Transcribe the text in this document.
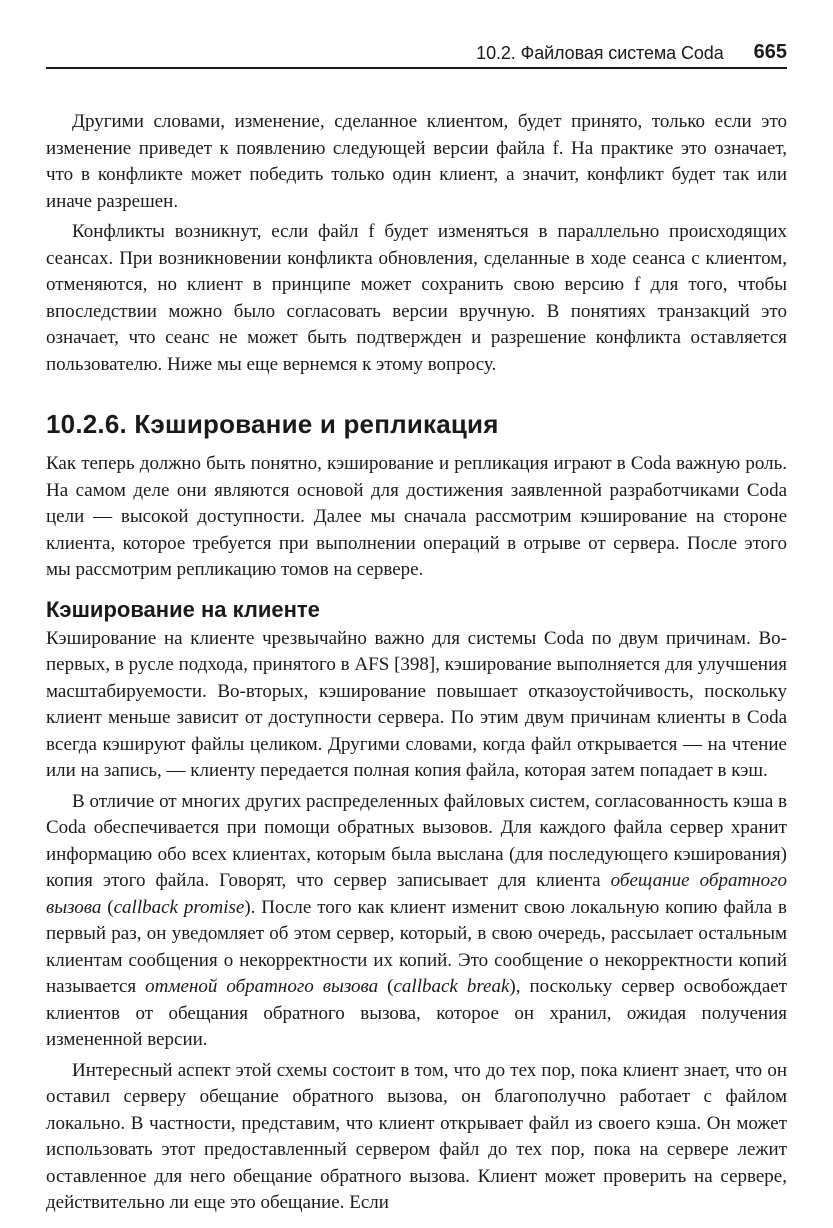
10.2. Файловая система Coda 665

Другими словами, изменение, сделанное клиентом, будет принято, только если это изменение приведет к появлению следующей версии файла f. На практике это означает, что в конфликте может победить только один клиент, а значит, конфликт будет так или иначе разрешен.

Конфликты возникнут, если файл f будет изменяться в параллельно происходящих сеансах. При возникновении конфликта обновления, сделанные в ходе сеанса с клиентом, отменяются, но клиент в принципе может сохранить свою версию f для того, чтобы впоследствии можно было согласовать версии вручную. В понятиях транзакций это означает, что сеанс не может быть подтвержден и разрешение конфликта оставляется пользователю. Ниже мы еще вернемся к этому вопросу.

10.2.6. Кэширование и репликация

Как теперь должно быть понятно, кэширование и репликация играют в Coda важную роль. На самом деле они являются основой для достижения заявленной разработчиками Coda цели — высокой доступности. Далее мы сначала рассмотрим кэширование на стороне клиента, которое требуется при выполнении операций в отрыве от сервера. После этого мы рассмотрим репликацию томов на сервере.

Кэширование на клиенте

Кэширование на клиенте чрезвычайно важно для системы Coda по двум причинам. Во-первых, в русле подхода, принятого в AFS [398], кэширование выполняется для улучшения масштабируемости. Во-вторых, кэширование повышает отказоустойчивость, поскольку клиент меньше зависит от доступности сервера. По этим двум причинам клиенты в Coda всегда кэшируют файлы целиком. Другими словами, когда файл открывается — на чтение или на запись, — клиенту передается полная копия файла, которая затем попадает в кэш.

В отличие от многих других распределенных файловых систем, согласованность кэша в Coda обеспечивается при помощи обратных вызовов. Для каждого файла сервер хранит информацию обо всех клиентах, которым была выслана (для последующего кэширования) копия этого файла. Говорят, что сервер записывает для клиента обещание обратного вызова (callback promise). После того как клиент изменит свою локальную копию файла в первый раз, он уведомляет об этом сервер, который, в свою очередь, рассылает остальным клиентам сообщения о некорректности их копий. Это сообщение о некорректности копий называется отменой обратного вызова (callback break), поскольку сервер освобождает клиентов от обещания обратного вызова, которое он хранил, ожидая получения измененной версии.

Интересный аспект этой схемы состоит в том, что до тех пор, пока клиент знает, что он оставил серверу обещание обратного вызова, он благополучно работает с файлом локально. В частности, представим, что клиент открывает файл из своего кэша. Он может использовать этот предоставленный сервером файл до тех пор, пока на сервере лежит оставленное для него обещание обратного вызова. Клиент может проверить на сервере, действительно ли еще это обещание. Если
